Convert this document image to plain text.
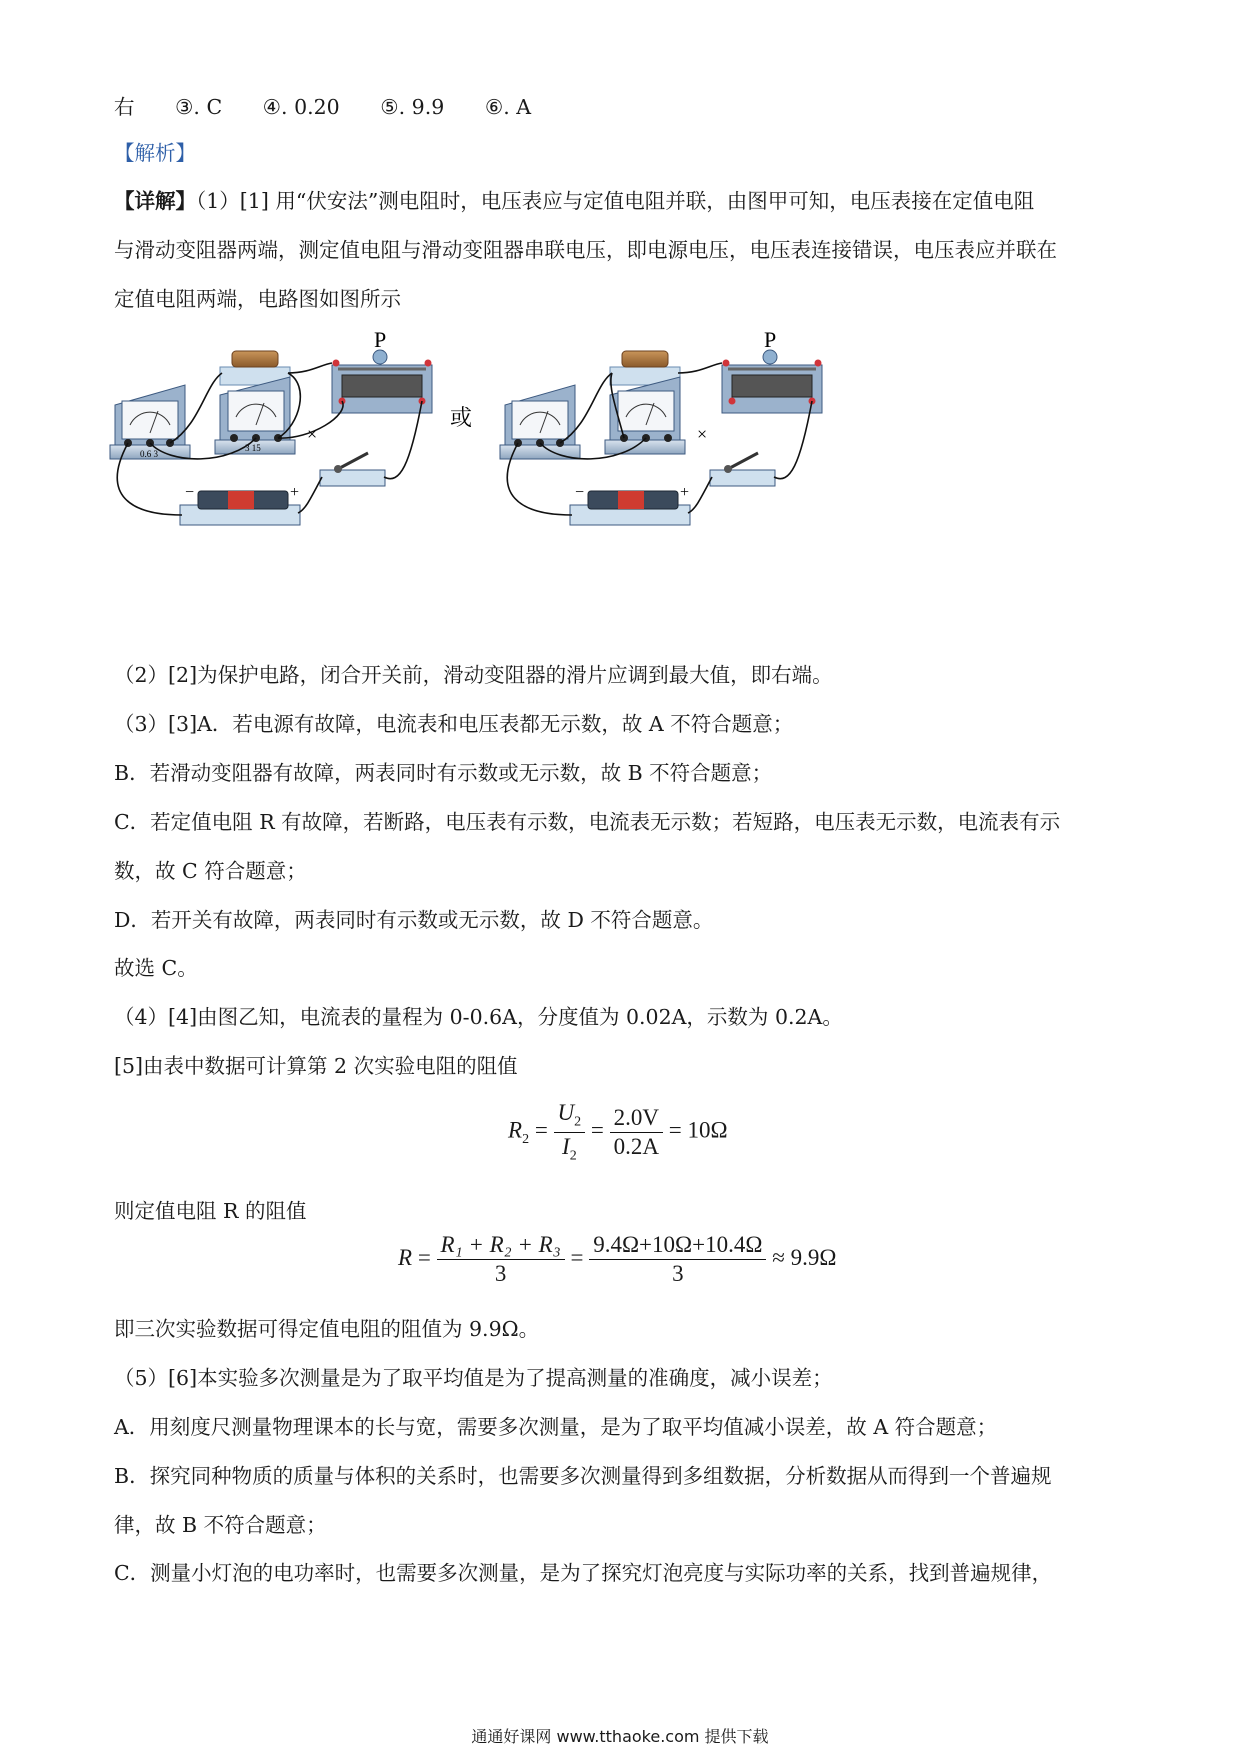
右 ③. C ④. 0.20 ⑤. 9.9 ⑥. A
【解析】
【详解】（1）[1] 用“伏安法”测电阻时，电压表应与定值电阻并联，由图甲可知，电压表接在定值电阻
与滑动变阻器两端，测定值电阻与滑动变阻器串联电压，即电源电压，电压表连接错误，电压表应并联在
定值电阻两端，电路图如图所示
0.6 3
3 15
P
−	+
×
或
P
−	+
×
（2）[2]为保护电路，闭合开关前，滑动变阻器的滑片应调到最大值，即右端。
（3）[3]A．若电源有故障，电流表和电压表都无示数，故 A 不符合题意；
B．若滑动变阻器有故障，两表同时有示数或无示数，故 B 不符合题意；
C．若定值电阻 R 有故障，若断路，电压表有示数，电流表无示数；若短路，电压表无示数，电流表有示
数，故 C 符合题意；
D．若开关有故障，两表同时有示数或无示数，故 D 不符合题意。
故选 C。
（4）[4]由图乙知，电流表的量程为 0-0.6A，分度值为 0.02A，示数为 0.2A。
[5]由表中数据可计算第 2 次实验电阻的阻值
$R_2 = \frac{U_2}{I_2} = \frac{2.0V}{0.2A} = 10\Omega$
则定值电阻 R 的阻值
$R = \frac{\text{R₁ + R₂ + R₃}}{3} = \frac{9.4\Omega+10\Omega+10.4\Omega}{3} \approx 9.9\Omega$
即三次实验数据可得定值电阻的阻值为 9.9Ω。
（5）[6]本实验多次测量是为了取平均值是为了提高测量的准确度，减小误差；
A．用刻度尺测量物理课本的长与宽，需要多次测量，是为了取平均值减小误差，故 A 符合题意；
B．探究同种物质的质量与体积的关系时，也需要多次测量得到多组数据，分析数据从而得到一个普遍规
律，故 B 不符合题意；
C．测量小灯泡的电功率时，也需要多次测量，是为了探究灯泡亮度与实际功率的关系，找到普遍规律，
通通好课网 www.tthaoke.com 提供下载
